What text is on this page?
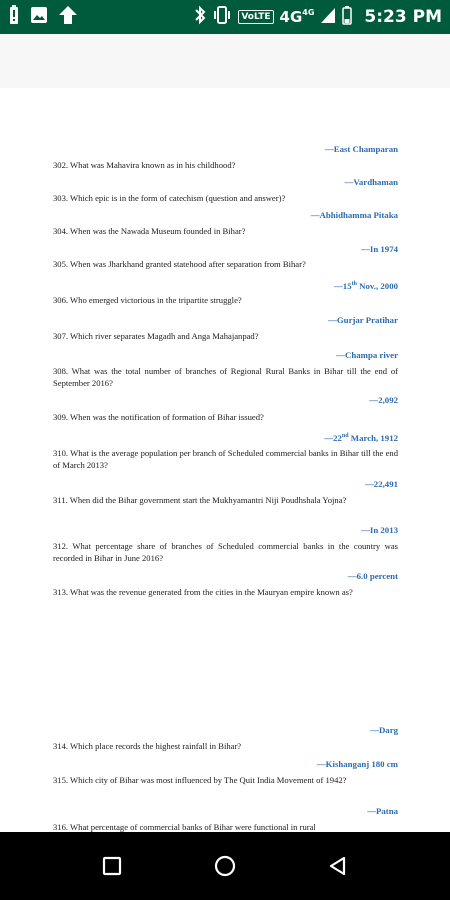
VoLTE $4G^{4G}$	5:23 PM
—East Champaran
302. What was Mahavira known as in his childhood?
—Vardhaman
303. Which epic is in the form of catechism (question and answer)?
—Abhidhamma Pitaka
304. When was the Nawada Museum founded in Bihar?
—In 1974
305. When was Jharkhand granted statehood after separation from Bihar?
—15th Nov., 2000
306. Who emerged victorious in the tripartite struggle?
—Gurjar Pratihar
307. Which river separates Magadh and Anga Mahajanpad?
—Champa river
308. What was the total number of branches of Regional Rural Banks in Bihar till the end of September 2016?
—2,092
309. When was the notification of formation of Bihar issued?
—22nd March, 1912
310. What is the average population per branch of Scheduled commercial banks in Bihar till the end of March 2013?
—22,491
311. When did the Bihar government start the Mukhyamantri Niji Poudhshala Yojna?
—In 2013
312. What percentage share of branches of Scheduled commercial banks in the country was recorded in Bihar in June 2016?
—6.0 percent
313. What was the revenue generated from the cities in the Mauryan empire known as?
—Darg
314. Which place records the highest rainfall in Bihar?
—Kishanganj 180 cm
315. Which city of Bihar was most influenced by The Quit India Movement of 1942?
—Patna
316. What percentage of commercial banks of Bihar were functional in rural
